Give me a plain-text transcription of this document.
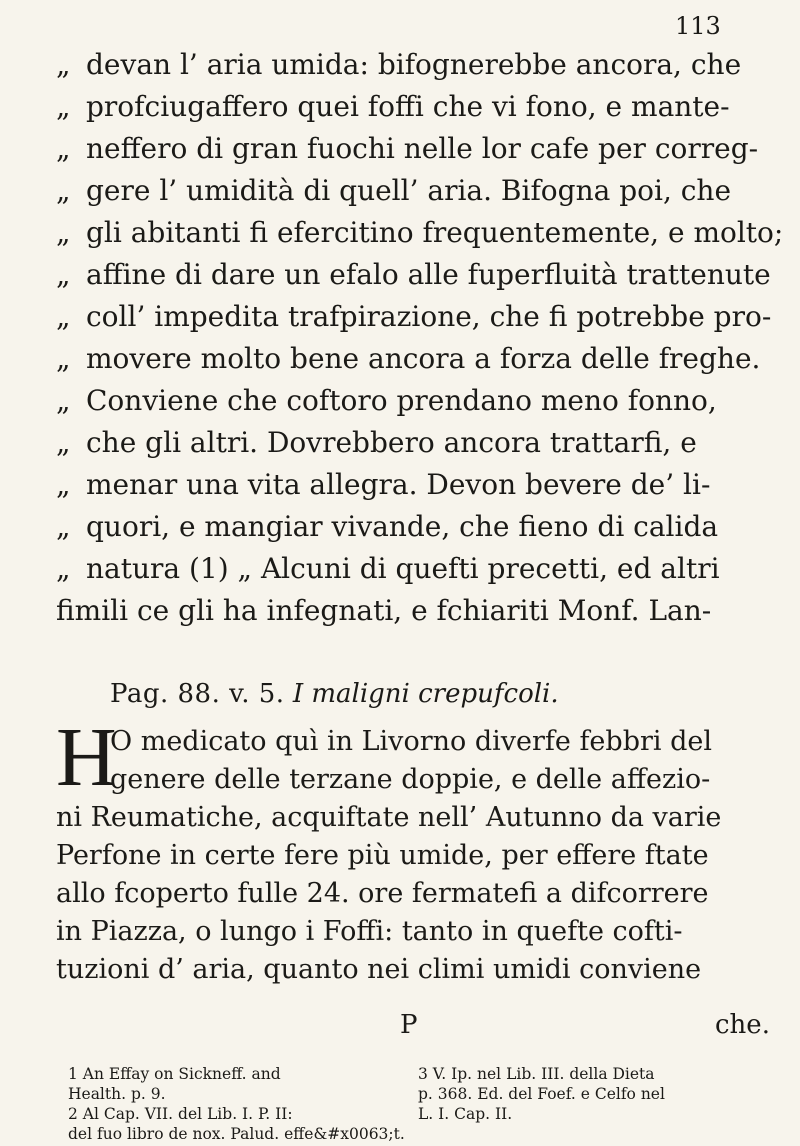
113
„ devan l’ aria umida: bifognerebbe ancora, che
„ profciugaffero quei foffi che vi fono, e mante-
„ neffero di gran fuochi nelle lor cafe per correg-
„ gere l’ umidità di quell’ aria. Bifogna poi, che
„ gli abitanti fi efercitino frequentemente, e molto;
„ affine di dare un efalo alle fuperfluità trattenute
„ coll’ impedita trafpirazione, che fi potrebbe pro-
„ movere molto bene ancora a forza delle freghe.
„ Conviene che coftoro prendano meno fonno,
„ che gli altri. Dovrebbero ancora trattarfi, e
„ menar una vita allegra. Devon bevere de’ li-
„ quori, e mangiar vivande, che fieno di calida
„ natura (1) „ Alcuni di quefti precetti, ed altri
fimili ce gli ha infegnati, e fchiariti Monf. Lan-
Pag. 88. v. 5. I maligni crepufcoli.
H
O medicato quì in Livorno diverfe febbri del
genere delle terzane doppie, e delle affezio-
ni Reumatiche, acquiftate nell’ Autunno da varie
Perfone in certe fere più umide, per effere ftate
allo fcoperto fulle 24. ore fermatefi a difcorrere
in Piazza, o lungo i Foffi: tanto in quefte cofti-
tuzioni d’ aria, quanto nei climi umidi conviene
P	che.
1 An Effay on Sickneff. and
Health. p. 9.
2 Al Cap. VII. del Lib. I. P. II:
del fuo libro de nox. Palud. effe&#x0063;t.
3 V. Ip. nel Lib. III. della Dieta
p. 368. Ed. del Foef. e Celfo nel
L. I. Cap. II.
